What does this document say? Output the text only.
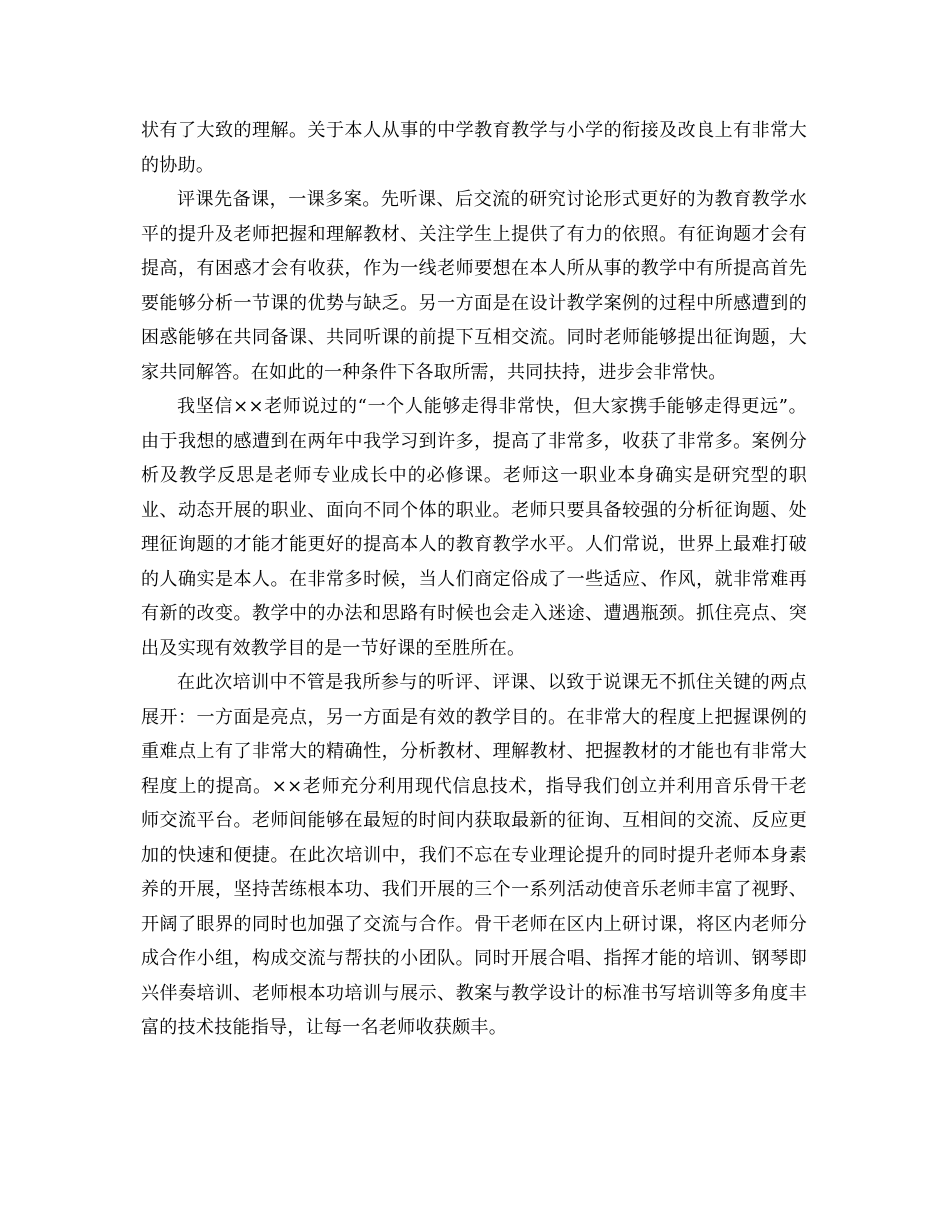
状有了大致的理解。关于本人从事的中学教育教学与小学的衔接及改良上有非常大的协助。

评课先备课，一课多案。先听课、后交流的研究讨论形式更好的为教育教学水平的提升及老师把握和理解教材、关注学生上提供了有力的依照。有征询题才会有提高，有困惑才会有收获，作为一线老师要想在本人所从事的教学中有所提高首先要能够分析一节课的优势与缺乏。另一方面是在设计教学案例的过程中所感遭到的困惑能够在共同备课、共同听课的前提下互相交流。同时老师能够提出征询题，大家共同解答。在如此的一种条件下各取所需，共同扶持，进步会非常快。

我坚信××老师说过的“一个人能够走得非常快，但大家携手能够走得更远”。由于我想的感遭到在两年中我学习到许多，提高了非常多，收获了非常多。案例分析及教学反思是老师专业成长中的必修课。老师这一职业本身确实是研究型的职业、动态开展的职业、面向不同个体的职业。老师只要具备较强的分析征询题、处理征询题的才能才能更好的提高本人的教育教学水平。人们常说，世界上最难打破的人确实是本人。在非常多时候，当人们商定俗成了一些适应、作风，就非常难再有新的改变。教学中的办法和思路有时候也会走入迷途、遭遇瓶颈。抓住亮点、突出及实现有效教学目的是一节好课的至胜所在。

在此次培训中不管是我所参与的听评、评课、以致于说课无不抓住关键的两点展开：一方面是亮点，另一方面是有效的教学目的。在非常大的程度上把握课例的重难点上有了非常大的精确性，分析教材、理解教材、把握教材的才能也有非常大程度上的提高。××老师充分利用现代信息技术，指导我们创立并利用音乐骨干老师交流平台。老师间能够在最短的时间内获取最新的征询、互相间的交流、反应更加的快速和便捷。在此次培训中，我们不忘在专业理论提升的同时提升老师本身素养的开展，坚持苦练根本功、我们开展的三个一系列活动使音乐老师丰富了视野、开阔了眼界的同时也加强了交流与合作。骨干老师在区内上研讨课，将区内老师分成合作小组，构成交流与帮扶的小团队。同时开展合唱、指挥才能的培训、钢琴即兴伴奏培训、老师根本功培训与展示、教案与教学设计的标准书写培训等多角度丰富的技术技能指导，让每一名老师收获颇丰。
